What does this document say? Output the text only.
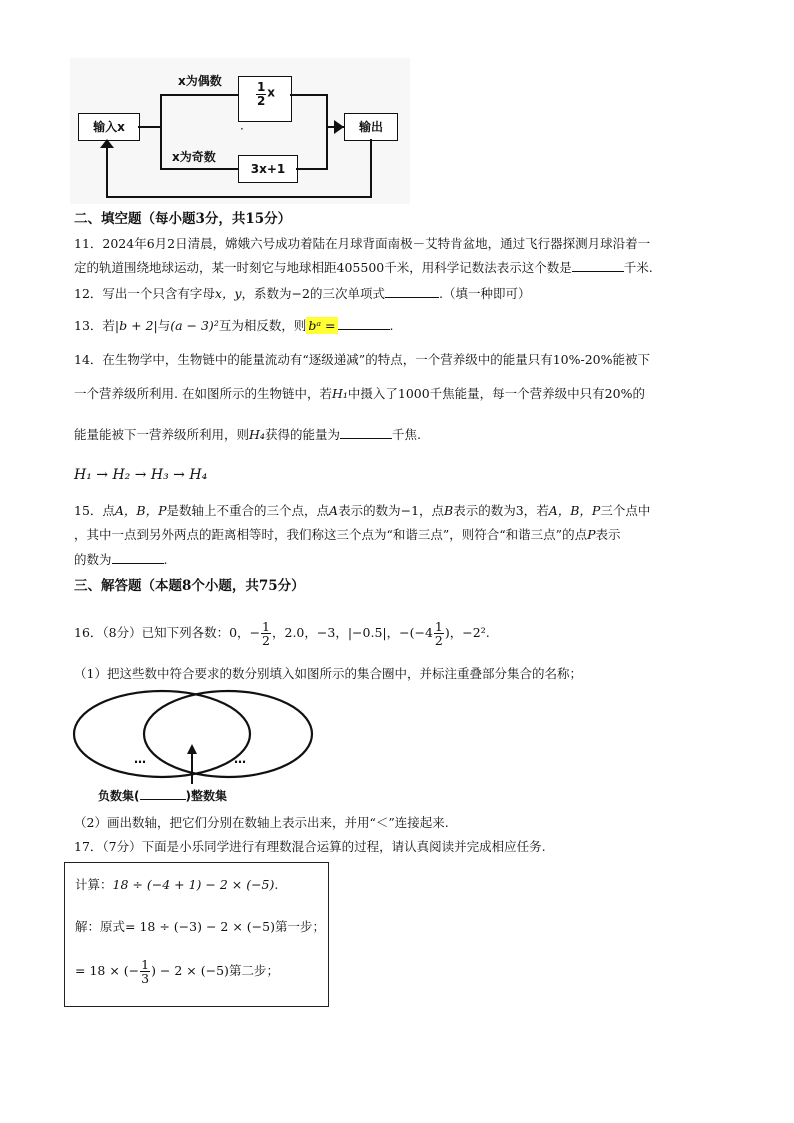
输入x
$\frac{1}{2}$ x
3x+1
输出
x为偶数
x为奇数
·
二、填空题（每小题3分，共15分）
11．2024年6月2日清晨，嫦娥六号成功着陆在月球背面南极－艾特肯盆地，通过飞行器探测月球沿着一
定的轨道围绕地球运动，某一时刻它与地球相距405500千米，用科学记数法表示这个数是	千米.
12．写出一个只含有字母x，y，系数为−2的三次单项式	.（填一种即可）
13．若|b + 2|与(a − 3)²互为相反数，则 bᵃ =	.
14．在生物学中，生物链中的能量流动有“逐级递减”的特点，一个营养级中的能量只有10%-20%能被下
一个营养级所利用. 在如图所示的生物链中，若H₁中摄入了1000千焦能量，每一个营养级中只有20%的
能量能被下一营养级所利用，则H₄获得的能量为	千焦.
H₁ → H₂ → H₃ → H₄
15．点A，B，P是数轴上不重合的三个点，点A表示的数为−1，点B表示的数为3，若A，B，P三个点中
，其中一点到另外两点的距离相等时，我们称这三个点为“和谐三点”，则符合“和谐三点”的点P表示
的数为	.
三、解答题（本题8个小题，共75分）
16．（8分）已知下列各数：0，− $\frac{1}{2}$ ，2.0，−3，|−0.5|，$-(-4 \frac{1}{2}$ )，−2².
（1）把这些数中符合要求的数分别填入如图所示的集合圈中，并标注重叠部分集合的名称；
…	…
负数集(	)整数集
（2）画出数轴，把它们分别在数轴上表示出来，并用“＜”连接起来.
17．（7分）下面是小乐同学进行有理数混合运算的过程，请认真阅读并完成相应任务.
计算：18 ÷ (−4 + 1) − 2 × (−5).
解：原式= 18 ÷ (−3) − 2 × (−5)第一步；
= 18 × (− $\frac{1}{3}$ ) − 2 × (−5)第二步；
